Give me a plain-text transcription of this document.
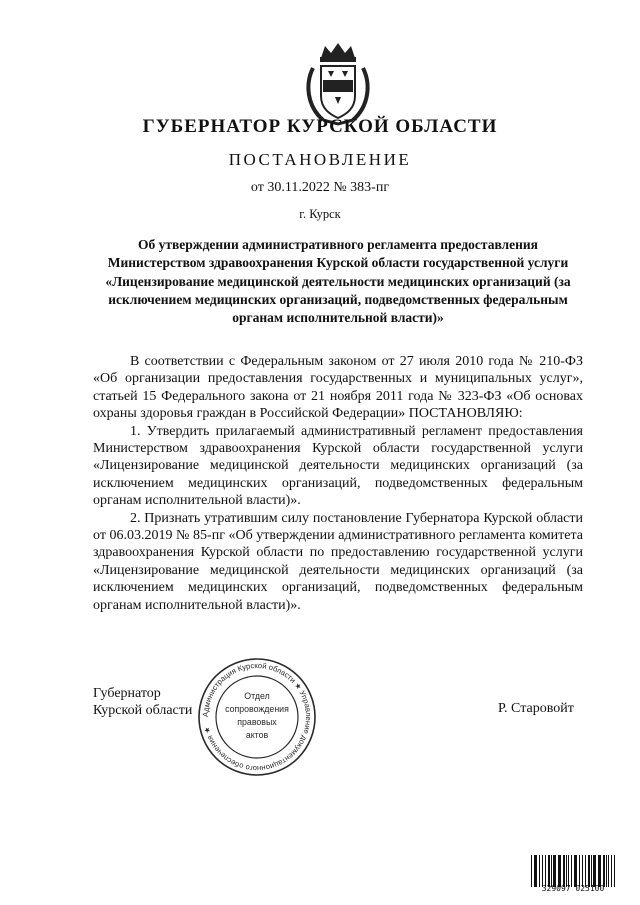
ГУБЕРНАТОР КУРСКОЙ ОБЛАСТИ
ПОСТАНОВЛЕНИЕ
от 30.11.2022 № 383-пг
г. Курск
Об утверждении административного регламента предоставления Министерством здравоохранения Курской области государственной услуги «Лицензирование медицинской деятельности медицинских организаций (за исключением медицинских организаций, подведомственных федеральным органам исполнительной власти)»

В соответствии с Федеральным законом от 27 июля 2010 года № 210-ФЗ «Об организации предоставления государственных и муниципальных услуг», статьей 15 Федерального закона от 21 ноября 2011 года № 323-ФЗ «Об основах охраны здоровья граждан в Российской Федерации» ПОСТАНОВЛЯЮ:

1. Утвердить прилагаемый административный регламент предоставления Министерством здравоохранения Курской области государственной услуги «Лицензирование медицинской деятельности медицинских организаций (за исключением медицинских организаций, подведомственных федеральным органам исполнительной власти)».

2. Признать утратившим силу постановление Губернатора Курской области от 06.03.2019 № 85-пг «Об утверждении административного регламента комитета здравоохранения Курской области по предоставлению государственной услуги «Лицензирование медицинской деятельности медицинских организаций (за исключением медицинских организаций, подведомственных федеральным органам исполнительной власти)».

Губернатор
Курской области	Р. Старовойт
Администрация Курской области ★ Управление документационного обеспечения ★
Отдел
сопровождения
правовых
актов
329097 025100
